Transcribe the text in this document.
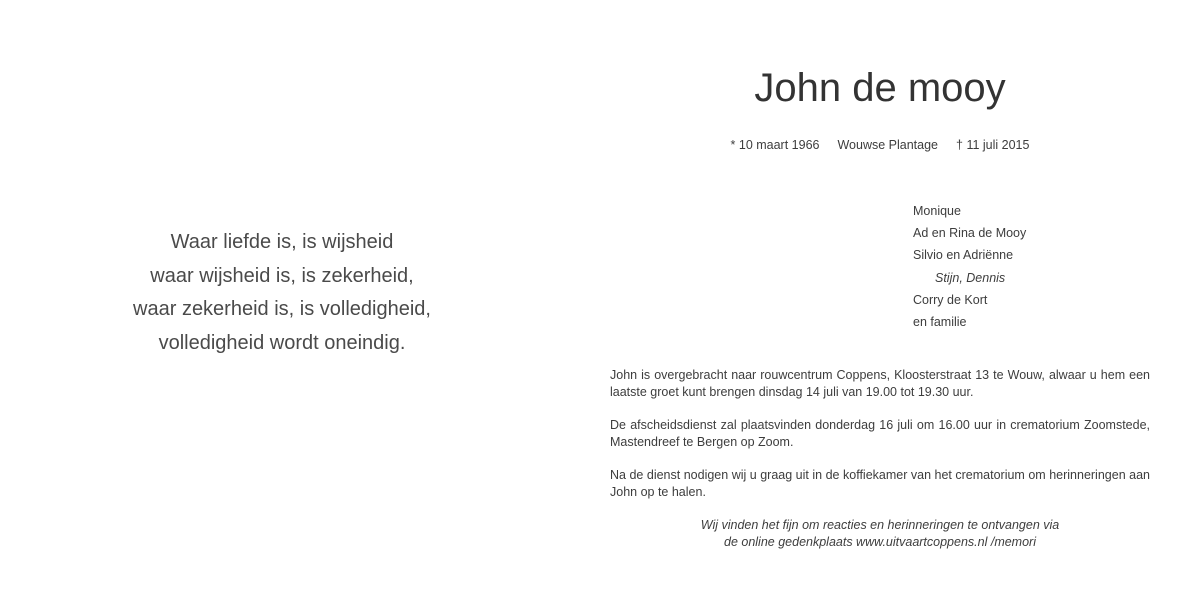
Waar liefde is, is wijsheid
waar wijsheid is, is zekerheid,
waar zekerheid is, is volledigheid,
volledigheid wordt oneindig.
John de mooy
* 10 maart 1966 Wouwse Plantage † 11 juli 2015
Monique
Ad en Rina de Mooy
Silvio en Adriënne
Stijn, Dennis
Corry de Kort
en familie

John is overgebracht naar rouwcentrum Coppens, Kloosterstraat 13 te Wouw, alwaar u hem een laatste groet kunt brengen dinsdag 14 juli van 19.00 tot 19.30 uur.

De afscheidsdienst zal plaatsvinden donderdag 16 juli om 16.00 uur in crematorium Zoomstede, Mastendreef te Bergen op Zoom.

Na de dienst nodigen wij u graag uit in de koffiekamer van het crematorium om herinneringen aan John op te halen.

Wij vinden het fijn om reacties en herinneringen te ontvangen via
de online gedenkplaats www.uitvaartcoppens.nl /memori
